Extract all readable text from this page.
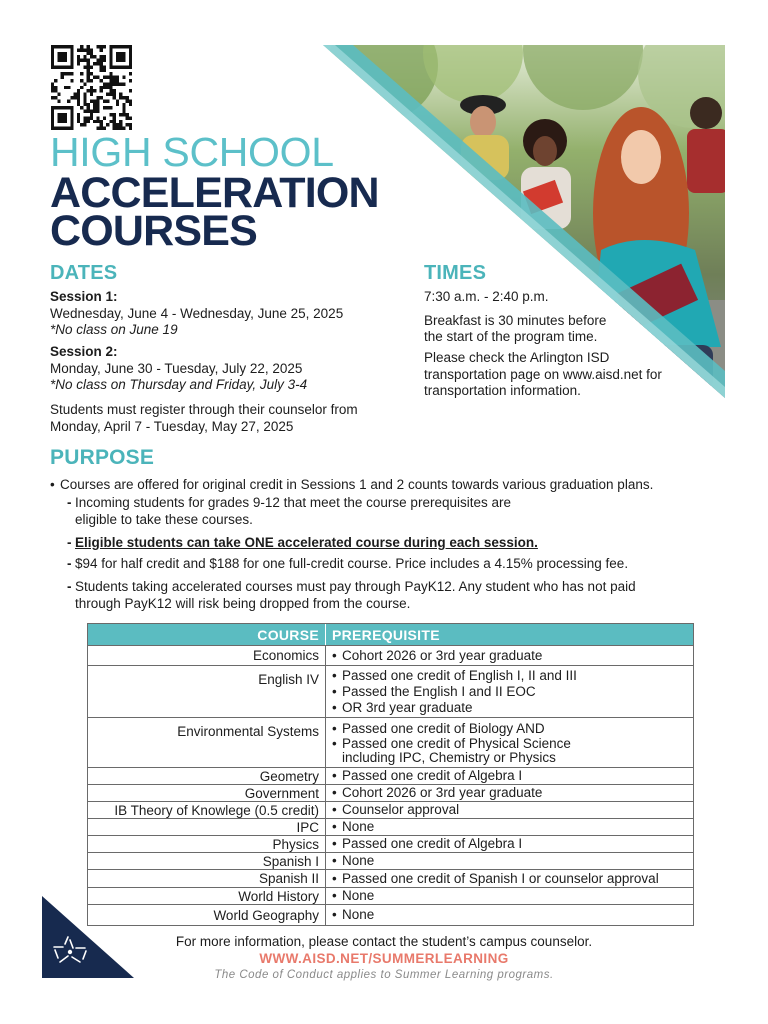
HIGH SCHOOL
ACCELERATION
COURSES
DATES
Session 1:
Wednesday, June 4 - Wednesday, June 25, 2025
*No class on June 19
Session 2:
Monday, June 30 - Tuesday, July 22, 2025
*No class on Thursday and Friday, July 3-4
Students must register through their counselor from
Monday, April 7 - Tuesday, May 27, 2025
TIMES
7:30 a.m. - 2:40 p.m.
Breakfast is 30 minutes before
the start of the program time.
Please check the Arlington ISD
transportation page on www.aisd.net for
transportation information.
PURPOSE
• Courses are offered for original credit in Sessions 1 and 2 counts towards various graduation plans.
- Incoming students for grades 9-12 that meet the course prerequisites are
eligible to take these courses.
- Eligible students can take ONE accelerated course during each session.
- $94 for half credit and $188 for one full-credit course. Price includes a 4.15% processing fee.
- Students taking accelerated courses must pay through PayK12. Any student who has not paid
through PayK12 will risk being dropped from the course.
COURSE PREREQUISITE
Economics	• Cohort 2026 or 3rd year graduate
English IV	• Passed one credit of English I, II and III
• Passed the English I and II EOC
• OR 3rd year graduate
Environmental Systems	• Passed one credit of Biology AND
• Passed one credit of Physical Science
including IPC, Chemistry or Physics
Geometry	• Passed one credit of Algebra I
Government	• Cohort 2026 or 3rd year graduate
IB Theory of Knowlege (0.5 credit)	• Counselor approval
IPC	• None
Physics	• Passed one credit of Algebra I
Spanish I	• None
Spanish II	• Passed one credit of Spanish I or counselor approval
World History	• None
World Geography	• None
For more information, please contact the student’s campus counselor.
WWW.AISD.NET/SUMMERLEARNING
The Code of Conduct applies to Summer Learning programs.
